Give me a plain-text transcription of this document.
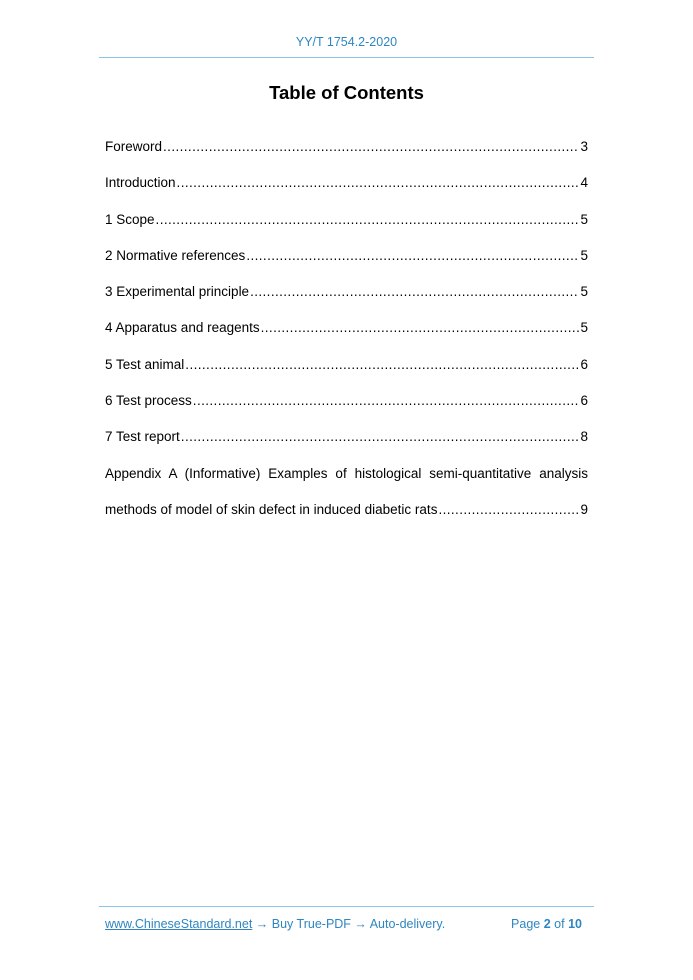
YY/T 1754.2-2020
Table of Contents
Foreword .....	3
Introduction .....	4
1 Scope .....	5
2 Normative references .....	5
3 Experimental principle .....	5
4 Apparatus and reagents .....	5
5 Test animal .....	6
6 Test process .....	6
7 Test report .....	8
Appendix A (Informative) Examples of histological semi-quantitative analysis
methods of model of skin defect in induced diabetic rats .....	9
www.ChineseStandard.net → Buy True-PDF → Auto-delivery.	Page 2 of 10
